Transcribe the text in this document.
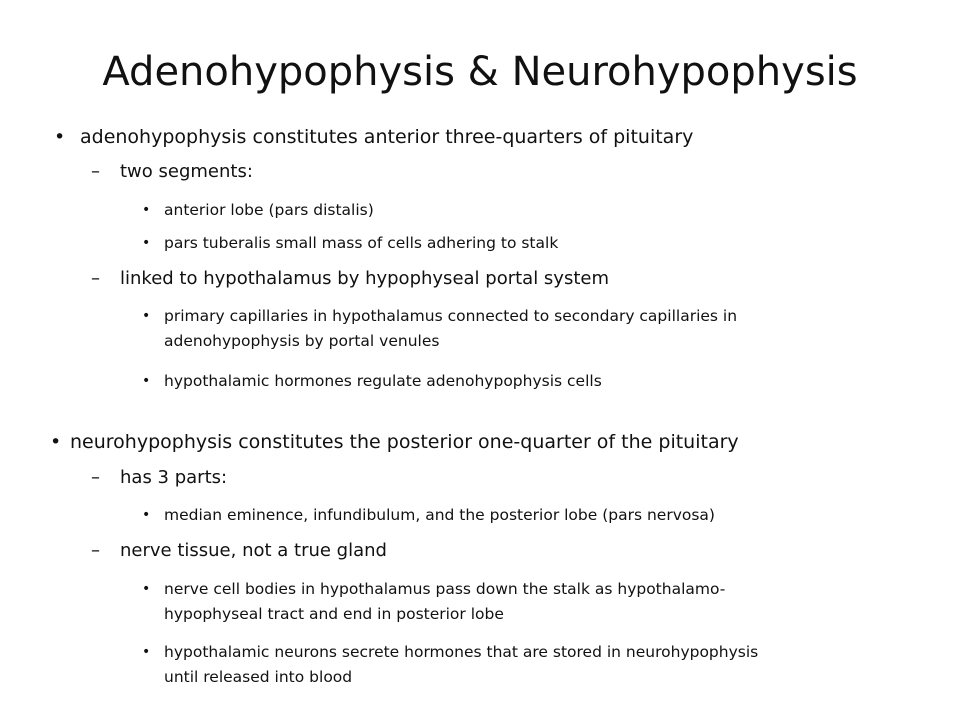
Adenohypophysis & Neurohypophysis
• adenohypophysis constitutes anterior three-quarters of pituitary
– two segments:
• anterior lobe (pars distalis)
• pars tuberalis small mass of cells adhering to stalk
– linked to hypothalamus by hypophyseal portal system
• primary capillaries in hypothalamus connected to secondary capillaries in
adenohypophysis by portal venules
• hypothalamic hormones regulate adenohypophysis cells
• neurohypophysis constitutes the posterior one-quarter of the pituitary
– has 3 parts:
• median eminence, infundibulum, and the posterior lobe (pars nervosa)
– nerve tissue, not a true gland
• nerve cell bodies in hypothalamus pass down the stalk as hypothalamo-
hypophyseal tract and end in posterior lobe
• hypothalamic neurons secrete hormones that are stored in neurohypophysis
until released into blood
